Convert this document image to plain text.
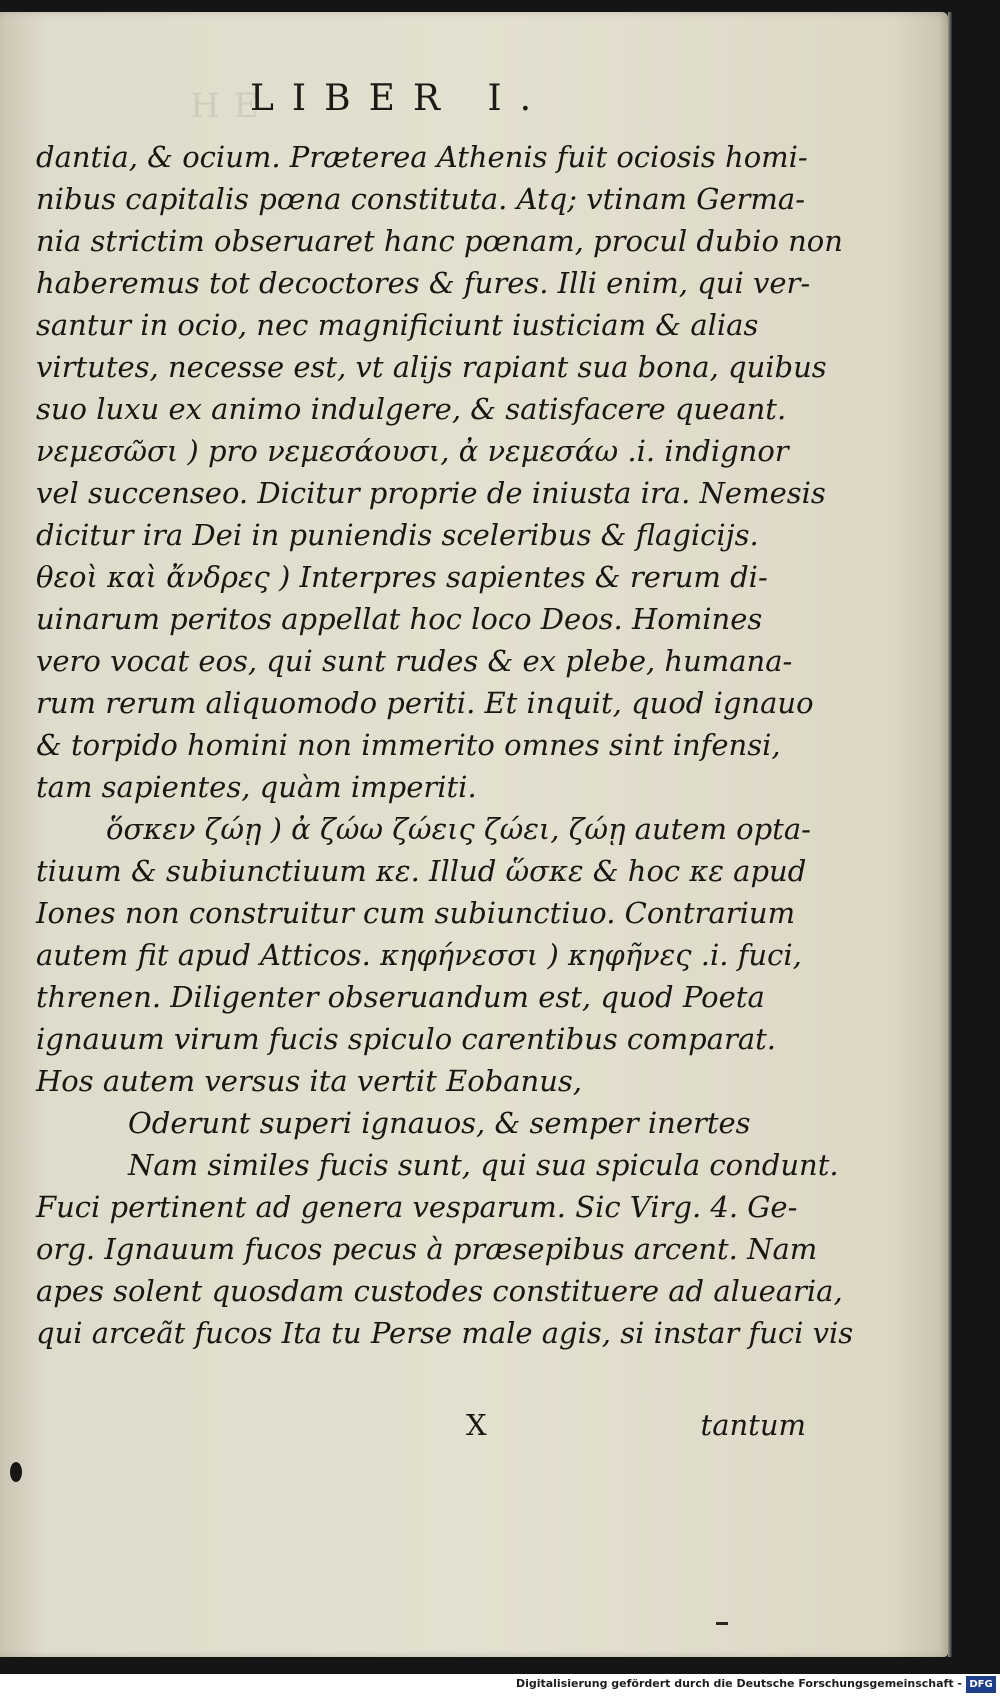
HE
LIBER I.
dantia, & ocium. Prӕterea Athenis fuit ociosis homi-
nibus capitalis pœna constituta. Atq; vtinam Germa-
nia strictim obseruaret hanc pœnam, procul dubio non
haberemus tot decoctores & fures. Illi enim, qui ver-
santur in ocio, nec magnificiunt iusticiam & alias
virtutes, necesse est, vt alijs rapiant sua bona, quibus
suo luxu ex animo indulgere, & satisfacere queant.
νεμεσῶσι ) pro νεμεσάουσι, ἀ νεμεσάω .i. indignor
vel succenseo. Dicitur proprie de iniusta ira. Nemesis
dicitur ira Dei in puniendis sceleribus & flagicijs.
θεοὶ καὶ ἄνδρες ) Interpres sapientes & rerum di-
uinarum peritos appellat hoc loco Deos. Homines
vero vocat eos, qui sunt rudes & ex plebe, humana-
rum rerum aliquomodo periti. Et inquit, quod ignauo
& torpido homini non immerito omnes sint infensi,
tam sapientes, quàm imperiti.
ὅσκεν ζώῃ ) ἀ ζώω ζώεις ζώει, ζώῃ autem opta-
tiuum & subiunctiuum κε. Illud ὥσκε & hoc κε apud
Iones non construitur cum subiunctiuo. Contrarium
autem fit apud Atticos. κηφήνεσσι ) κηφῆνες .i. fuci,
threnen. Diligenter obseruandum est, quod Poeta
ignauum virum fucis spiculo carentibus comparat.
Hos autem versus ita vertit Eobanus,
Oderunt superi ignauos, & semper inertes
Nam similes fucis sunt, qui sua spicula condunt.
Fuci pertinent ad genera vesparum. Sic Virg. 4. Ge-
org. Ignauum fucos pecus à prӕsepibus arcent. Nam
apes solent quosdam custodes constituere ad aluearia,
qui arceãt fucos Ita tu Perse male agis, si instar fuci vis
X	tantum
Digitalisierung gefördert durch die Deutsche Forschungsgemeinschaft - DFG
